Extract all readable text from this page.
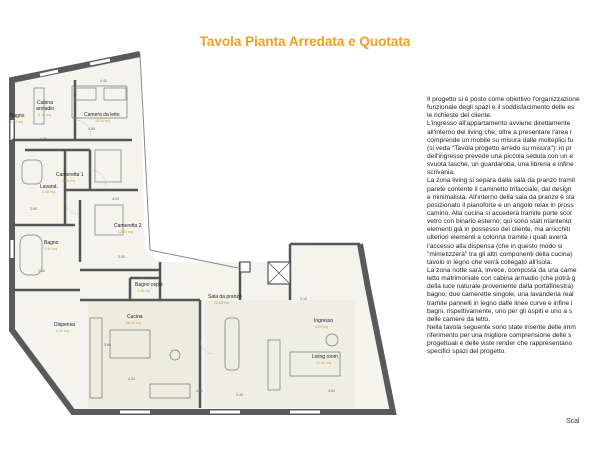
Tavola Pianta Arredata e Quotata
Bagno
4.84 mq
Cabina
armadio
5.16 mq	Camera da letto
15.50 mq
Cameretta 1
9.85 mq
Lavand.
2.10 mq
Cameretta 2
12.30 mq
Bagno
4.40 mq
Bagno ospiti
3.20 mq
Dispensa
4.10 mq
Cucina
16.40 mq
Sala da pranzo
22.80 mq
Ingresso
6.30 mq
Living room
27.60 mq
4.40
4.40
4.20
3.05
4.51
4.33
3.00
2.60
1.40
3.45
2.10
4.50
3.60
Il progetto si è posto come obiettivo l'organizzazione
funzionale degli spazi e il soddisfacimento delle es
le richieste del cliente.
L'ingresso all'appartamento avviene direttamente
all'interno del living che, oltre a presentare l'area r
comprende un mobile su misura dalle molteplici fu
(si veda "Tavola progetto arredo su misura"): in pr
dell'ingresso prevede una piccola seduta con un e
svuota tasche, un guardaroba, una libreria e infine
scrivania.
La zona living si separa dalla sala da pranzo tramit
parete contente il caminetto trifacciale, dal design
e minimalista. All'interno della sala da pranzo è sta
posizionato il pianoforte e un angolo relax in pross
camino. Alla cucina si accederà tramite porte scor
vetro con binario esterno; qui sono stati mantenut
elementi già in possesso del cliente, ma arricchiti
ulteriori elementi a colonna tramite i quali averrà
l'accesso alla dispensa (che in questo modo si
"mimetizzerà" tra gli altri componenti della cucina)
tavolo in legno che verrà collegato all'isola.
La zona notte sarà, invece, composta da una came
letto matrimoniale con cabina armadio (che potrà g
della luce naturale proveniente dalla portafinestra)
bagno; due camerette singole, una lavanderia real
tramite pannelli in legno dalle linee curve e infine i
bagni, rispettivamente, uno per gli ospiti e uno a s
delle camere da letto.
Nella tavola seguente sono state inserite delle imm
riferimento per una migliore comprensione delle s
progettuali e delle viste render che rappresentano
specifici spazi del progetto.
Scal
